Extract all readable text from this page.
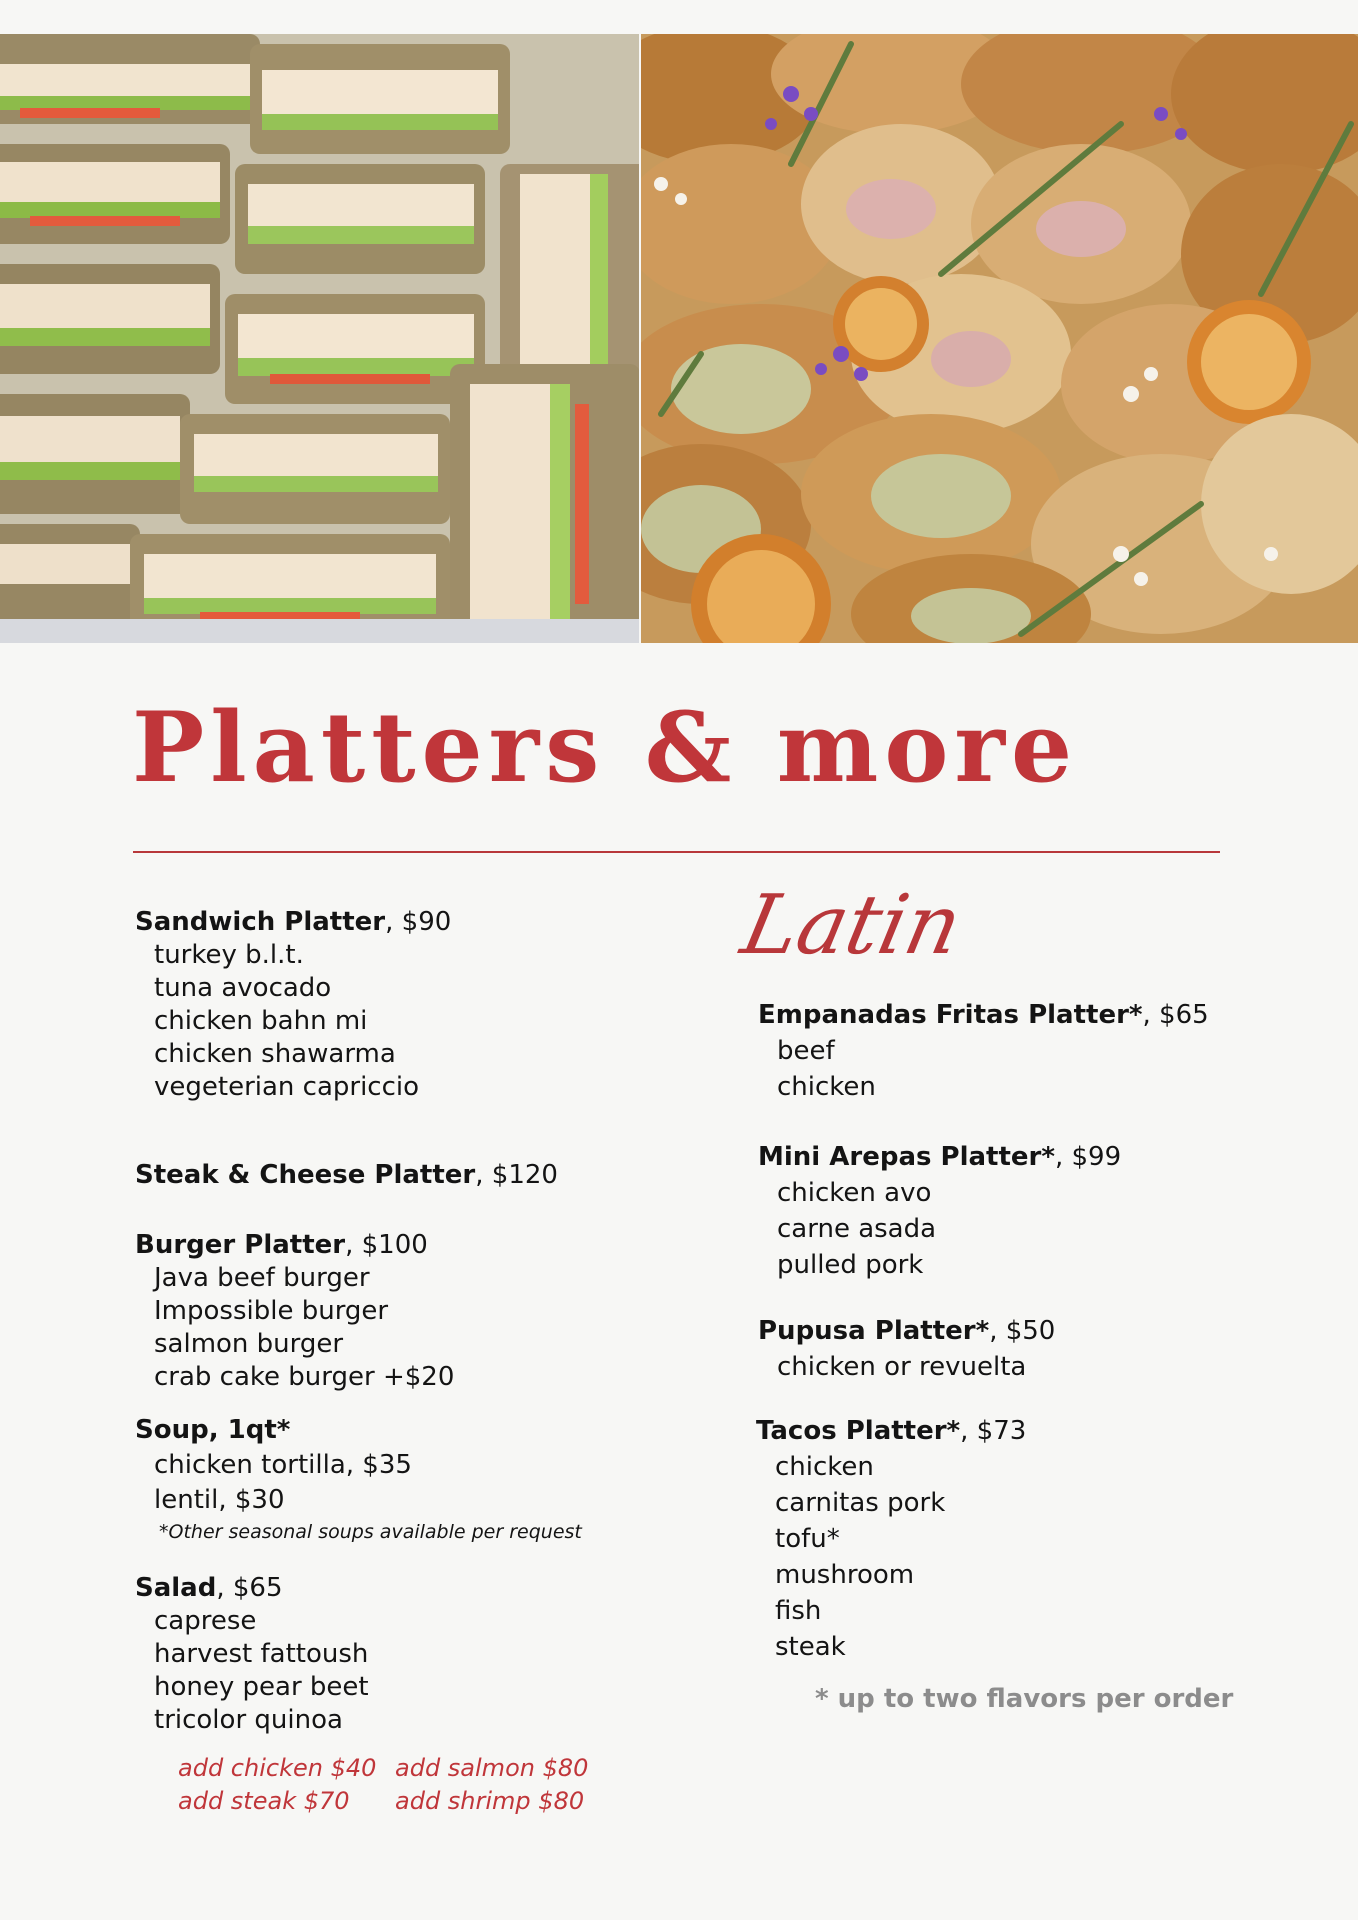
Platters & more
Sandwich Platter, $90
turkey b.l.t.
tuna avocado
chicken bahn mi
chicken shawarma
vegeterian capriccio
Steak & Cheese Platter, $120
Burger Platter, $100
Java beef burger
Impossible burger
salmon burger
crab cake burger +$20
Soup, 1qt*
chicken tortilla, $35
lentil, $30
*Other seasonal soups available per request
Salad, $65
caprese
harvest fattoush
honey pear beet
tricolor quinoa
add chicken $40 add salmon $80
add steak $70 add shrimp $80
Latin
Empanadas Fritas Platter*, $65
beef
chicken
Mini Arepas Platter*, $99
chicken avo
carne asada
pulled pork
Pupusa Platter*, $50
chicken or revuelta
Tacos Platter*, $73
chicken
carnitas pork
tofu*
mushroom
fish
steak
* up to two flavors per order
